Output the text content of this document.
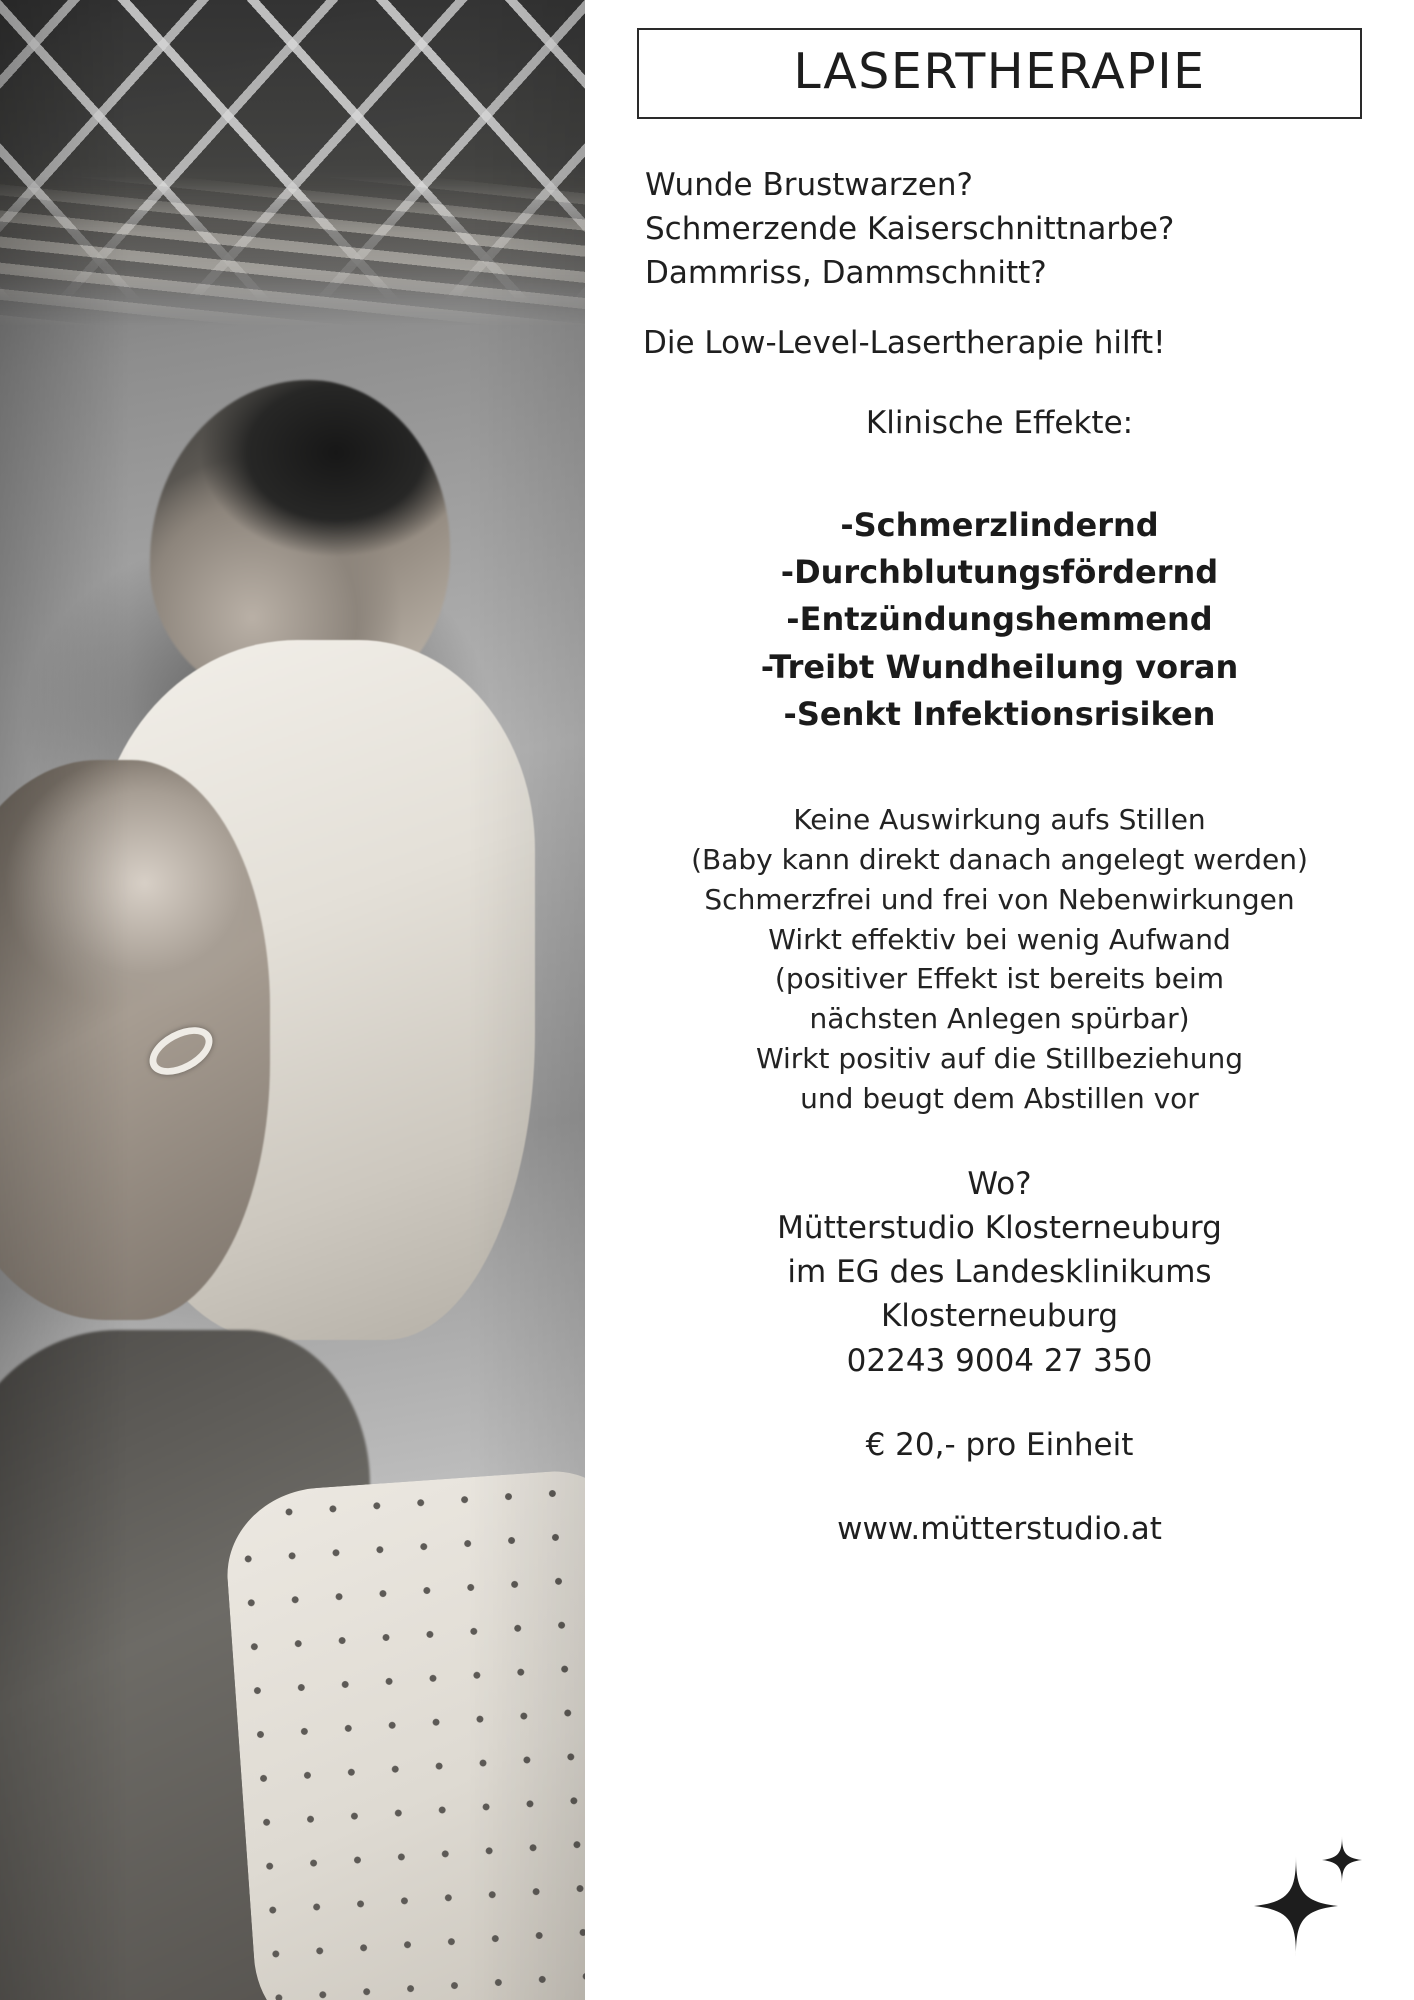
LASERTHERAPIE
Wunde Brustwarzen?
Schmerzende Kaiserschnittnarbe?
Dammriss, Dammschnitt?
Die Low-Level-Lasertherapie hilft!
Klinische Effekte:
-Schmerzlindernd
-Durchblutungsfördernd
-Entzündungshemmend
-Treibt Wundheilung voran
-Senkt Infektionsrisiken
Keine Auswirkung aufs Stillen
(Baby kann direkt danach angelegt werden)
Schmerzfrei und frei von Nebenwirkungen
Wirkt effektiv bei wenig Aufwand
(positiver Effekt ist bereits beim
nächsten Anlegen spürbar)
Wirkt positiv auf die Stillbeziehung
und beugt dem Abstillen vor
Wo?
Mütterstudio Klosterneuburg
im EG des Landesklinikums
Klosterneuburg
02243 9004 27 350
€ 20,- pro Einheit
www.mütterstudio.at
